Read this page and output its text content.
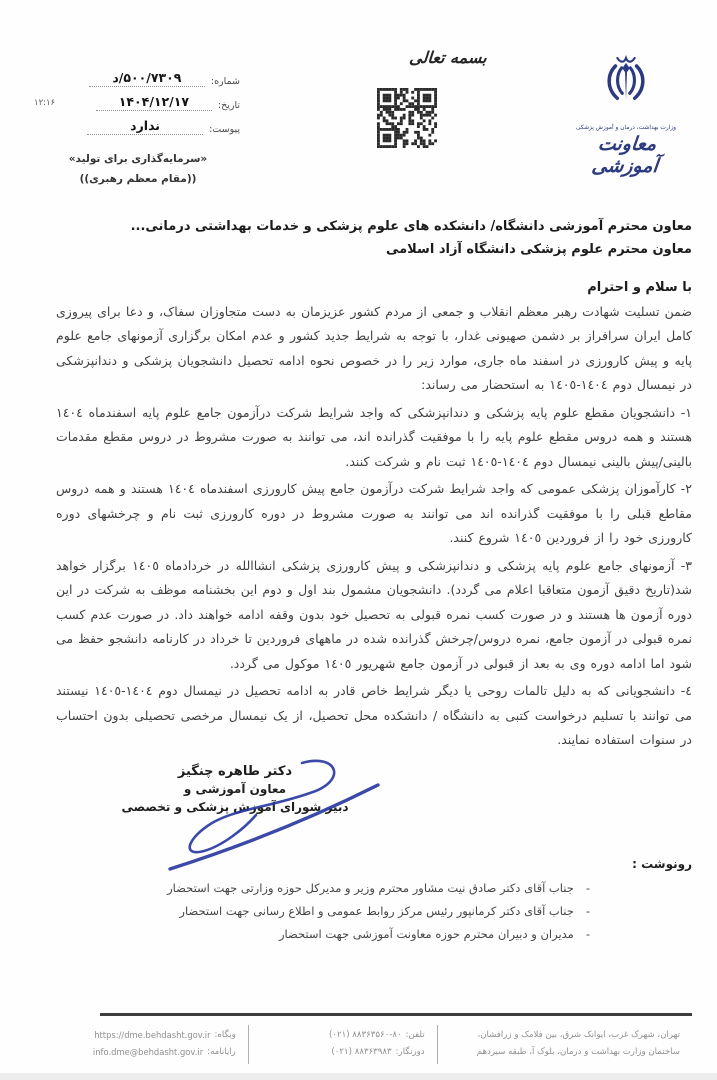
شماره:
۵۰۰/۷۳۰۹/د
تاریخ:
۱۴۰۴/۱۲/۱۷
پیوست:
ندارد
۱۲:۱۶
«سرمایه‌گذاری برای تولید»
((مقام معظم رهبری))
بسمه تعالی
وزارت بهداشت، درمان و آموزش پزشکی
معاونت آموزشی
معاون محترم آموزشی دانشگاه/ دانشکده های علوم پزشکی و خدمات بهداشتی درمانی...
معاون محترم علوم پزشکی دانشگاه آزاد اسلامی
با سلام و احترام

ضمن تسلیت شهادت رهبر معظم انقلاب و جمعی از مردم کشور عزیزمان به دست متجاوزان سفاک، و دعا برای پیروزی کامل ایران سرافراز بر دشمن صهیونی غدار، با توجه به شرایط جدید کشور و عدم امکان برگزاری آزمونهای جامع علوم پایه و پیش کارورزی در اسفند ماه جاری، موارد زیر را در خصوص نحوه ادامه تحصیل دانشجویان پزشکی و دندانپزشکی در نیمسال دوم ١٤٠٤-١٤٠٥ به استحضار می رساند:

١- دانشجویان مقطع علوم پایه پزشکی و دندانپزشکی که واجد شرایط شرکت درآزمون جامع علوم پایه اسفندماه ١٤٠٤ هستند و همه دروس مقطع علوم پایه را با موفقیت گذرانده اند، می توانند به صورت مشروط در دروس مقطع مقدمات بالینی/پیش بالینی نیمسال دوم ١٤٠٤-١٤٠٥ ثبت نام و شرکت کنند.

٢- کارآموزان پزشکی عمومی که واجد شرایط شرکت درآزمون جامع پیش کارورزی اسفندماه ١٤٠٤ هستند و همه دروس مقاطع قبلی را با موفقیت گذرانده اند می توانند به صورت مشروط در دوره کارورزی ثبت نام و چرخشهای دوره کارورزی خود را از فروردین ١٤٠٥ شروع کنند.

٣- آزمونهای جامع علوم پایه پزشکی و دندانپزشکی و پیش کارورزی پزشکی انشاالله در خردادماه ١٤٠٥ برگزار خواهد شد(تاریخ دقیق آزمون متعاقبا اعلام می گردد). دانشجویان مشمول بند اول و دوم این بخشنامه موظف به شرکت در این دوره آزمون ها هستند و در صورت کسب نمره قبولی به تحصیل خود بدون وقفه ادامه خواهند داد. در صورت عدم کسب نمره قبولی در آزمون جامع، نمره دروس/چرخش گذرانده شده در ماههای فروردین تا خرداد در کارنامه دانشجو حفظ می شود اما ادامه دوره وی به بعد از قبولی در آزمون جامع شهریور ١٤٠٥ موکول می گردد.

٤- دانشجویانی که به دلیل تالمات روحی یا دیگر شرایط خاص قادر به ادامه تحصیل در نیمسال دوم ١٤٠٤-١٤٠٥ نیستند می توانند با تسلیم درخواست کتبی به دانشگاه / دانشکده محل تحصیل، از یک نیمسال مرخصی تحصیلی بدون احتساب در سنوات استفاده نمایند.

دکتر طاهره چنگیز
معاون آموزشی و
دبیر شورای آموزش پزشکی و تخصصی
رونوشت :
-
جناب آقای دکتر صادق نیت مشاور محترم وزیر و مدیرکل حوزه وزارتی جهت استحضار
-
جناب آقای دکتر کرمانپور رئیس مرکز روابط عمومی و اطلاع رسانی جهت استحضار
-
مدیران و دبیران محترم حوزه معاونت آموزشی جهت استحضار
تهران، شهرک غرب، ایوانک شرق، بین فلامک و زرافشان،
ساختمان وزارت بهداشت و درمان، بلوک آ، طبقه سیزدهم
تلفن:
۸۸۳۶۳۵۶۰-۸۰ (۰۲۱)
دورنگار:
۸۸۳۶۳۹۸۳ (۰۲۱)
وبگاه:
https://dme.behdasht.gov.ir
رایانامه:
info.dme@behdasht.gov.ir
